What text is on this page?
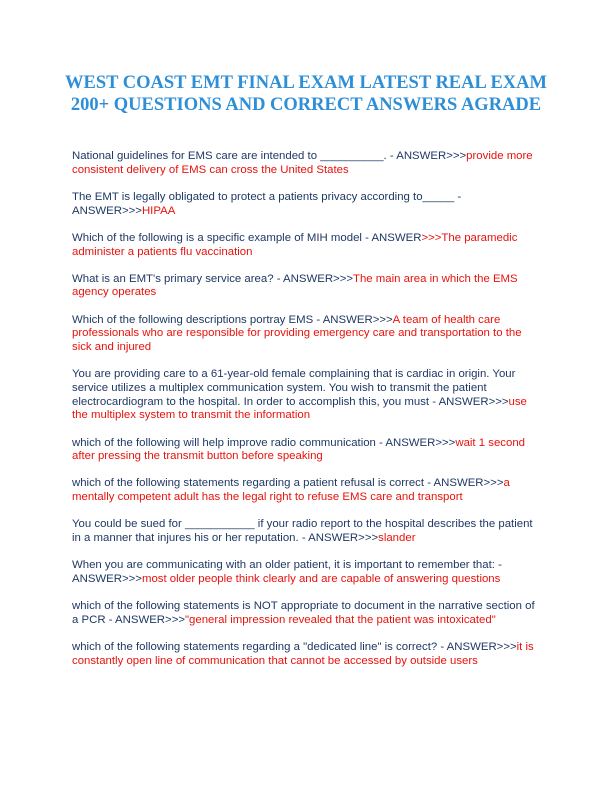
WEST COAST EMT FINAL EXAM LATEST REAL EXAM 200+ QUESTIONS AND CORRECT ANSWERS AGRADE

National guidelines for EMS care are intended to __________. - ANSWER>>>provide more consistent delivery of EMS can cross the United States

The EMT is legally obligated to protect a patients privacy according to_____ - ANSWER>>>HIPAA

Which of the following is a specific example of MIH model - ANSWER>>>The paramedic administer a patients flu vaccination

What is an EMT's primary service area? - ANSWER>>>The main area in which the EMS agency operates

Which of the following descriptions portray EMS - ANSWER>>>A team of health care professionals who are responsible for providing emergency care and transportation to the sick and injured

You are providing care to a 61-year-old female complaining that is cardiac in origin. Your service utilizes a multiplex communication system. You wish to transmit the patient electrocardiogram to the hospital. In order to accomplish this, you must - ANSWER>>>use the multiplex system to transmit the information

which of the following will help improve radio communication - ANSWER>>>wait 1 second after pressing the transmit button before speaking

which of the following statements regarding a patient refusal is correct - ANSWER>>>a mentally competent adult has the legal right to refuse EMS care and transport

You could be sued for ___________ if your radio report to the hospital describes the patient in a manner that injures his or her reputation. - ANSWER>>>slander

When you are communicating with an older patient, it is important to remember that: - ANSWER>>>most older people think clearly and are capable of answering questions

which of the following statements is NOT appropriate to document in the narrative section of a PCR - ANSWER>>>"general impression revealed that the patient was intoxicated"

which of the following statements regarding a "dedicated line" is correct? - ANSWER>>>it is constantly open line of communication that cannot be accessed by outside users
